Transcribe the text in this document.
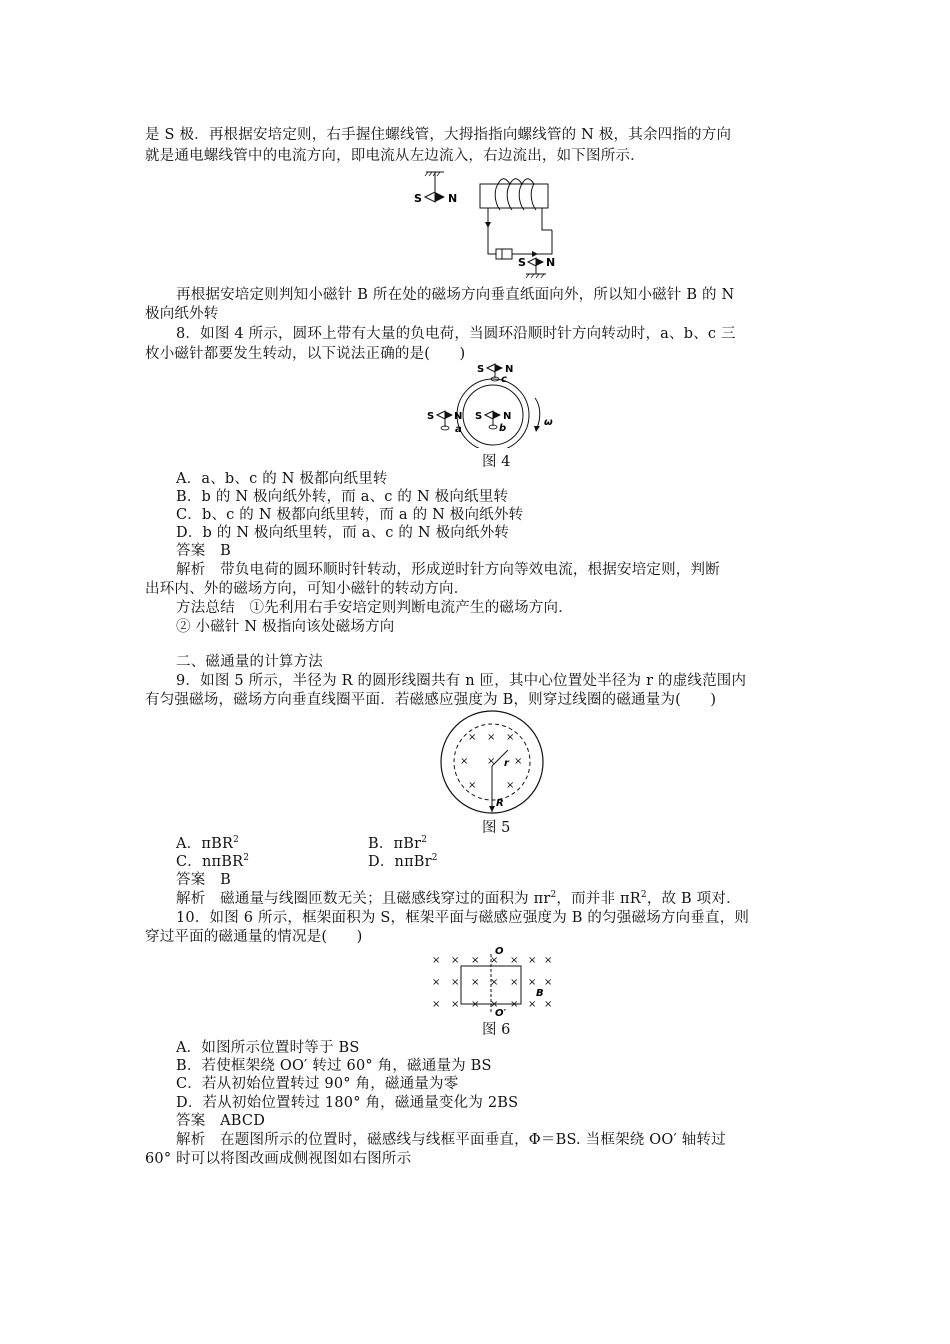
是 S 极．再根据安培定则，右手握住螺线管，大拇指指向螺线管的 N 极，其余四指的方向
就是通电螺线管中的电流方向，即电流从左边流入，右边流出，如下图所示．
S N
S N
再根据安培定则判知小磁针 B 所在处的磁场方向垂直纸面向外，所以知小磁针 B 的 N
极向纸外转
8．如图 4 所示，圆环上带有大量的负电荷，当圆环沿顺时针方向转动时，a、b、c 三
枚小磁针都要发生转动，以下说法正确的是(　　)
S N
c
S N
a
S N
b
ω
图 4
A．a、b、c 的 N 极都向纸里转
B．b 的 N 极向纸外转，而 a、c 的 N 极向纸里转
C．b、c 的 N 极都向纸里转，而 a 的 N 极向纸外转
D．b 的 N 极向纸里转，而 a、c 的 N 极向纸外转
答案　B
解析　带负电荷的圆环顺时针转动，形成逆时针方向等效电流，根据安培定则，判断
出环内、外的磁场方向，可知小磁针的转动方向．
方法总结　①先利用右手安培定则判断电流产生的磁场方向．
② 小磁针 N 极指向该处磁场方向
二、磁通量的计算方法
9．如图 5 所示，半径为 R 的圆形线圈共有 n 匝，其中心位置处半径为 r 的虚线范围内
有匀强磁场，磁场方向垂直线圈平面．若磁感应强度为 B，则穿过线圈的磁通量为(　　)
× × ×
× × ×
×	×
r
R
图 5
A．πBR$^2$	B．πBr$^2$
C．nπBR$^2$	D．nπBr$^2$
答案　B
解析　磁通量与线圈匝数无关；且磁感线穿过的面积为 $\pi r^2$，而并非 $\pi R^2$，故 B 项对．
10．如图 6 所示，框架面积为 S，框架平面与磁感应强度为 B 的匀强磁场方向垂直，则
穿过平面的磁通量的情况是(　　)
× × × × × × ×
× × × × × × ×
× × × × × × ×
O
O′
B
图 6
A．如图所示位置时等于 BS
B．若使框架绕 OO′ 转过 60° 角，磁通量为 BS
C．若从初始位置转过 90° 角，磁通量为零
D．若从初始位置转过 180° 角，磁通量变化为 2BS
答案　ABCD
解析　在题图所示的位置时，磁感线与线框平面垂直，Φ＝BS. 当框架绕 OO′ 轴转过
60° 时可以将图改画成侧视图如右图所示
